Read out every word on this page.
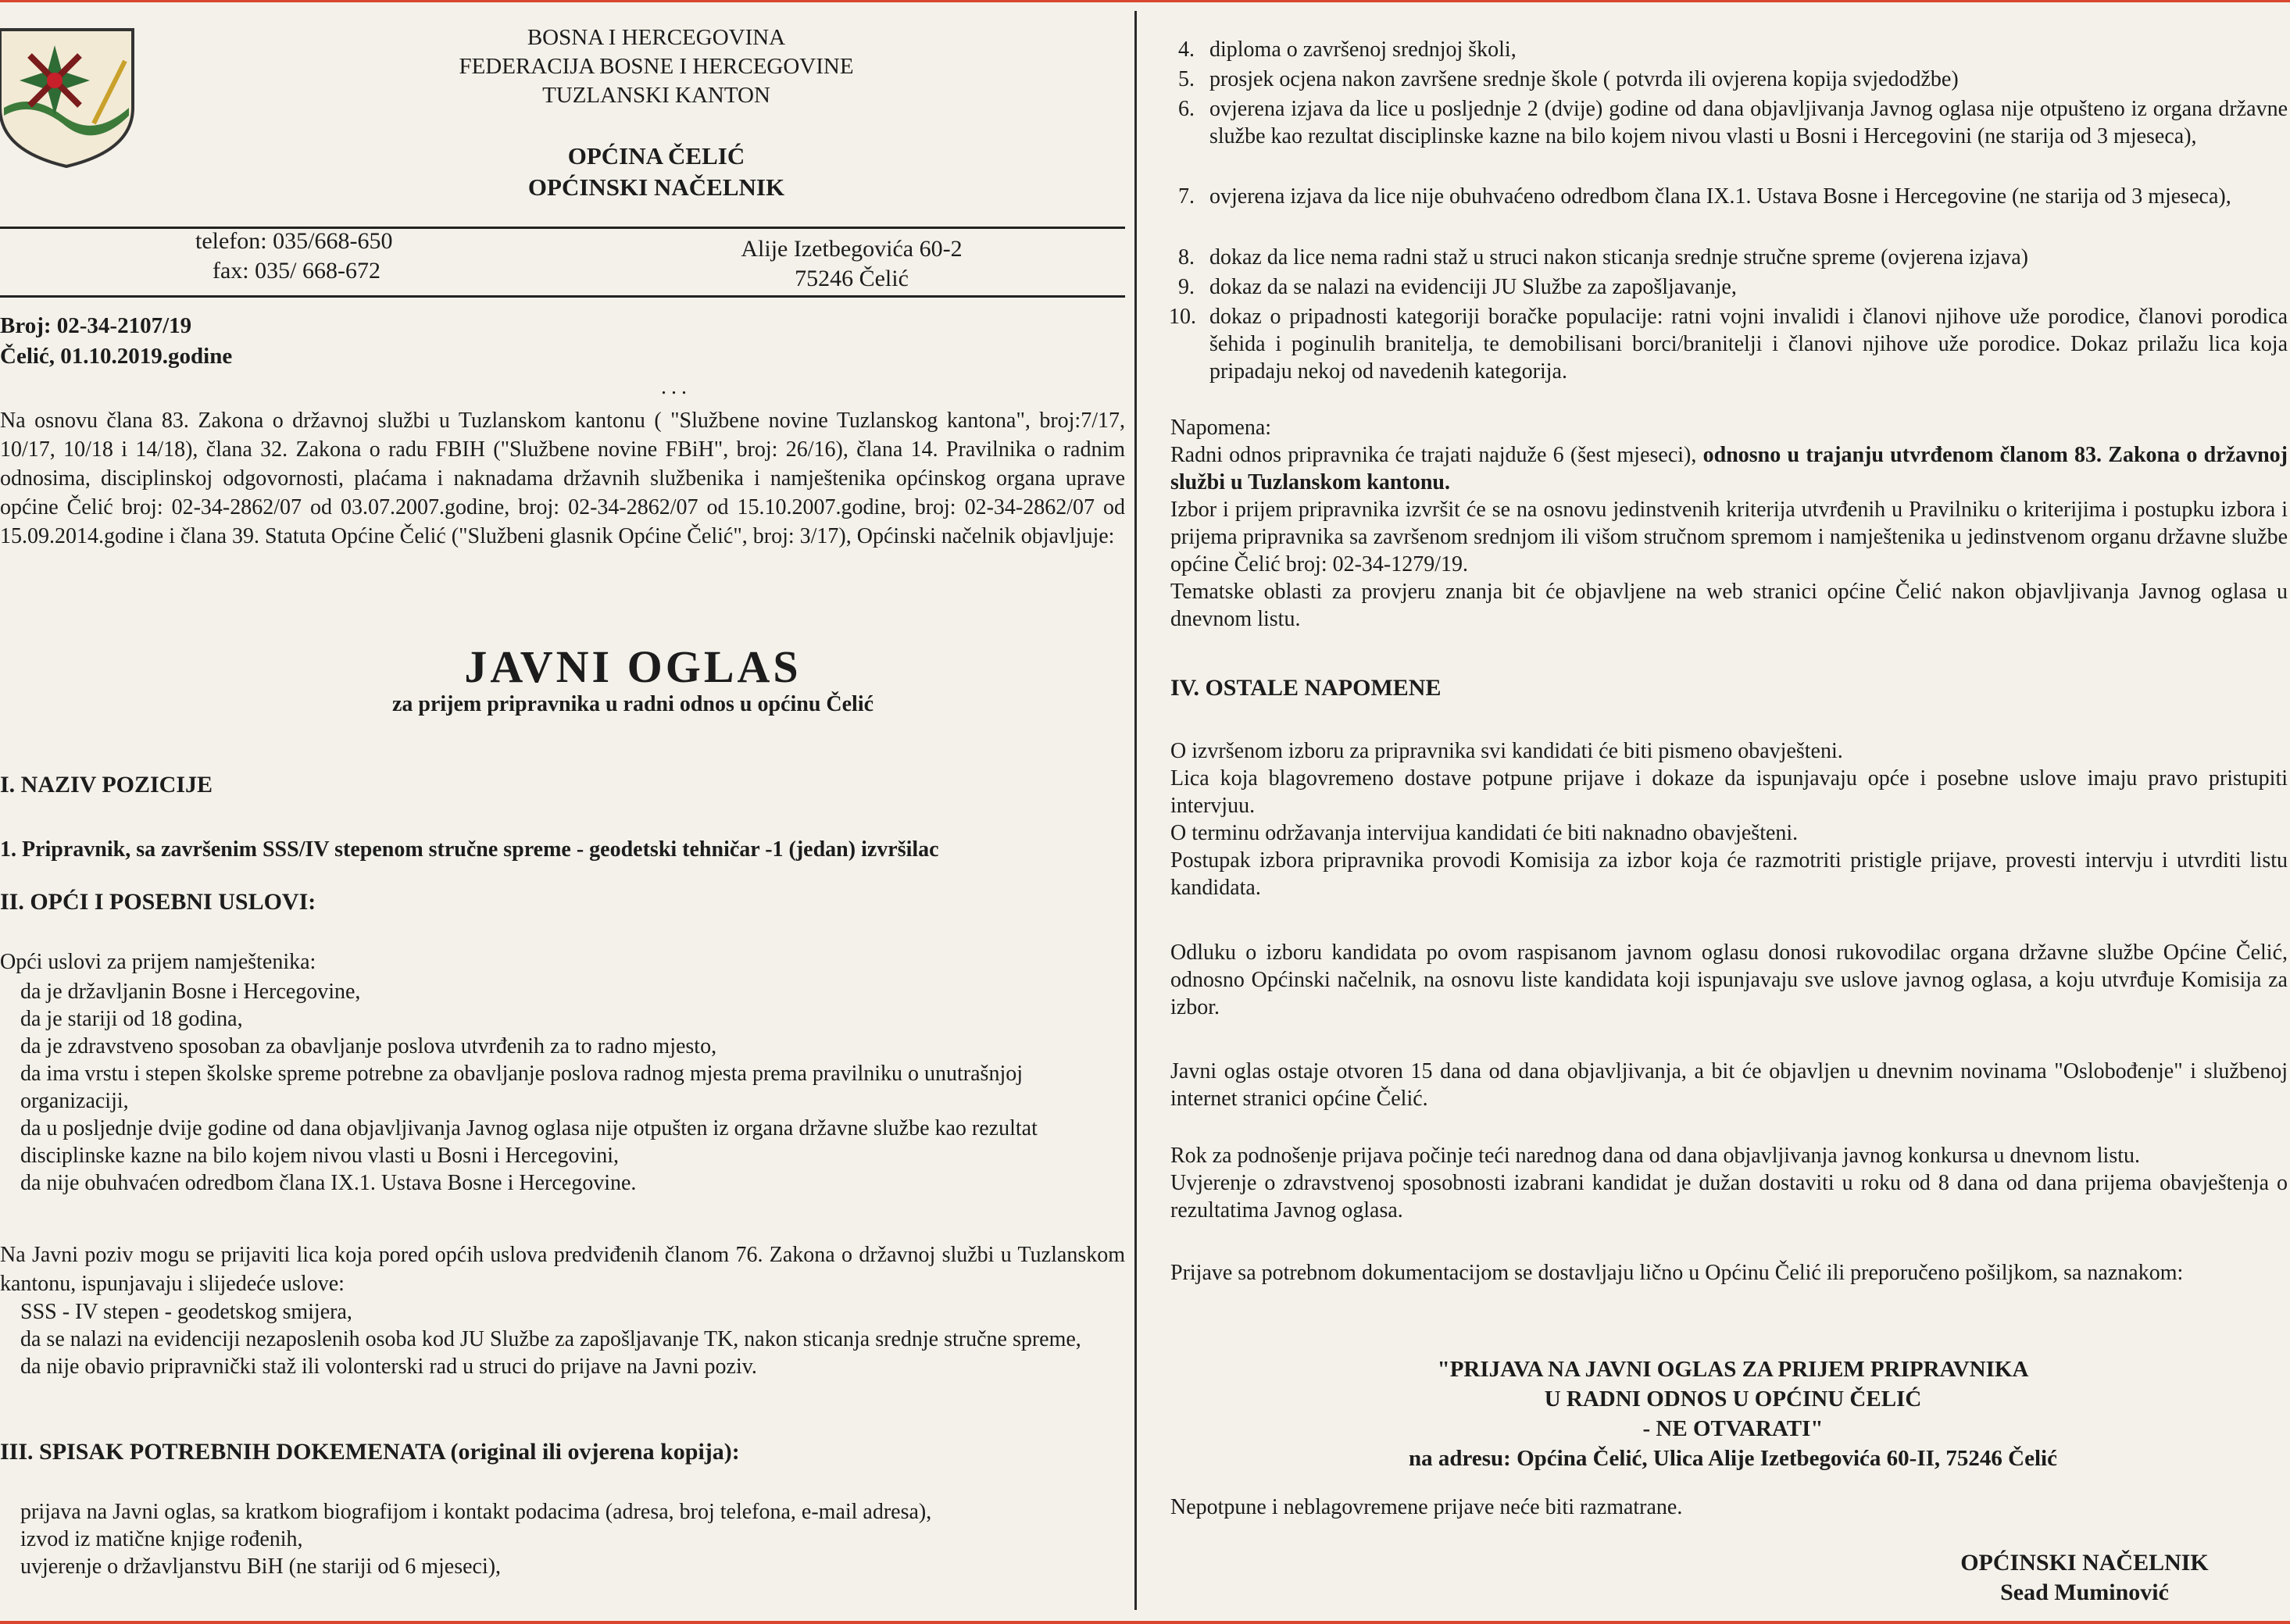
BOSNA I HERCEGOVINA
FEDERACIJA BOSNE I HERCEGOVINE
TUZLANSKI KANTON
OPĆINA ČELIĆ
OPĆINSKI NAČELNIK
telefon: 035/668-650
fax: 035/ 668-672
Alije Izetbegovića 60-2
75246 Čelić
Broj: 02-34-2107/19
Čelić, 01.10.2019.godine
...
Na osnovu člana 83. Zakona o državnoj službi u Tuzlanskom kantonu ( "Službene novine Tuzlanskog kantona", broj:7/17, 10/17, 10/18 i 14/18), člana 32. Zakona o radu FBIH ("Službene novine FBiH", broj: 26/16), člana 14. Pravilnika o radnim odnosima, disciplinskoj odgovornosti, plaćama i naknadama državnih službenika i namještenika općinskog organa uprave općine Čelić broj: 02-34-2862/07 od 03.07.2007.godine, broj: 02-34-2862/07 od 15.10.2007.godine, broj: 02-34-2862/07 od 15.09.2014.godine i člana 39. Statuta Općine Čelić ("Službeni glasnik Općine Čelić", broj: 3/17), Općinski načelnik objavljuje:
JAVNI OGLAS
za prijem pripravnika u radni odnos u općinu Čelić
I. NAZIV POZICIJE
1. Pripravnik, sa završenim SSS/IV stepenom stručne spreme - geodetski tehničar -1 (jedan) izvršilac
II. OPĆI I POSEBNI USLOVI:
Opći uslovi za prijem namještenika:
da je državljanin Bosne i Hercegovine,
da je stariji od 18 godina,
da je zdravstveno sposoban za obavljanje poslova utvrđenih za to radno mjesto,
da ima vrstu i stepen školske spreme potrebne za obavljanje poslova radnog mjesta prema pravilniku o unutrašnjoj organizaciji,
da u posljednje dvije godine od dana objavljivanja Javnog oglasa nije otpušten iz organa državne službe kao rezultat disciplinske kazne na bilo kojem nivou vlasti u Bosni i Hercegovini,
da nije obuhvaćen odredbom člana IX.1. Ustava Bosne i Hercegovine.
Na Javni poziv mogu se prijaviti lica koja pored općih uslova predviđenih članom 76. Zakona o državnoj službi u Tuzlanskom kantonu, ispunjavaju i slijedeće uslove:
SSS - IV stepen - geodetskog smijera,
da se nalazi na evidenciji nezaposlenih osoba kod JU Službe za zapošljavanje TK, nakon sticanja srednje stručne spreme,
da nije obavio pripravnički staž ili volonterski rad u struci do prijave na Javni poziv.
III. SPISAK POTREBNIH DOKEMENATA (original ili ovjerena kopija):
prijava na Javni oglas, sa kratkom biografijom i kontakt podacima (adresa, broj telefona, e-mail adresa),
izvod iz matične knjige rođenih,
uvjerenje o državljanstvu BiH (ne stariji od 6 mjeseci),
4. diploma o završenoj srednjoj školi,
5. prosjek ocjena nakon završene srednje škole ( potvrda ili ovjerena kopija svjedodžbe)
6. ovjerena izjava da lice u posljednje 2 (dvije) godine od dana objavljivanja Javnog oglasa nije otpušteno iz organa državne službe kao rezultat disciplinske kazne na bilo kojem nivou vlasti u Bosni i Hercegovini (ne starija od 3 mjeseca),
7. ovjerena izjava da lice nije obuhvaćeno odredbom člana IX.1. Ustava Bosne i Hercegovine (ne starija od 3 mjeseca),
8. dokaz da lice nema radni staž u struci nakon sticanja srednje stručne spreme (ovjerena izjava)
9. dokaz da se nalazi na evidenciji JU Službe za zapošljavanje,
10. dokaz o pripadnosti kategoriji boračke populacije: ratni vojni invalidi i članovi njihove uže porodice, članovi porodica šehida i poginulih branitelja, te demobilisani borci/branitelji i članovi njihove uže porodice. Dokaz prilažu lica koja pripadaju nekoj od navedenih kategorija.
Napomena:
Radni odnos pripravnika će trajati najduže 6 (šest mjeseci), odnosno u trajanju utvrđenom članom 83. Zakona o državnoj službi u Tuzlanskom kantonu.
Izbor i prijem pripravnika izvršit će se na osnovu jedinstvenih kriterija utvrđenih u Pravilniku o kriterijima i postupku izbora i prijema pripravnika sa završenom srednjom ili višom stručnom spremom i namještenika u jedinstvenom organu državne službe općine Čelić broj: 02-34-1279/19.
Tematske oblasti za provjeru znanja bit će objavljene na web stranici općine Čelić nakon objavljivanja Javnog oglasa u dnevnom listu.
IV. OSTALE NAPOMENE
O izvršenom izboru za pripravnika svi kandidati će biti pismeno obavješteni.
Lica koja blagovremeno dostave potpune prijave i dokaze da ispunjavaju opće i posebne uslove imaju pravo pristupiti intervjuu.
O terminu održavanja intervijua kandidati će biti naknadno obavješteni.
Postupak izbora pripravnika provodi Komisija za izbor koja će razmotriti pristigle prijave, provesti intervju i utvrditi listu kandidata.
Odluku o izboru kandidata po ovom raspisanom javnom oglasu donosi rukovodilac organa državne službe Općine Čelić, odnosno Općinski načelnik, na osnovu liste kandidata koji ispunjavaju sve uslove javnog oglasa, a koju utvrđuje Komisija za izbor.
Javni oglas ostaje otvoren 15 dana od dana objavljivanja, a bit će objavljen u dnevnim novinama "Oslobođenje" i službenoj internet stranici općine Čelić.
Rok za podnošenje prijava počinje teći narednog dana od dana objavljivanja javnog konkursa u dnevnom listu.
Uvjerenje o zdravstvenoj sposobnosti izabrani kandidat je dužan dostaviti u roku od 8 dana od dana prijema obavještenja o rezultatima Javnog oglasa.
Prijave sa potrebnom dokumentacijom se dostavljaju lično u Općinu Čelić ili preporučeno pošiljkom, sa naznakom:
"PRIJAVA NA JAVNI OGLAS ZA PRIJEM PRIPRAVNIKA
U RADNI ODNOS U OPĆINU ČELIĆ
- NE OTVARATI"
na adresu: Općina Čelić, Ulica Alije Izetbegovića 60-II, 75246 Čelić
Nepotpune i neblagovremene prijave neće biti razmatrane.
OPĆINSKI NAČELNIK
Sead Muminović
